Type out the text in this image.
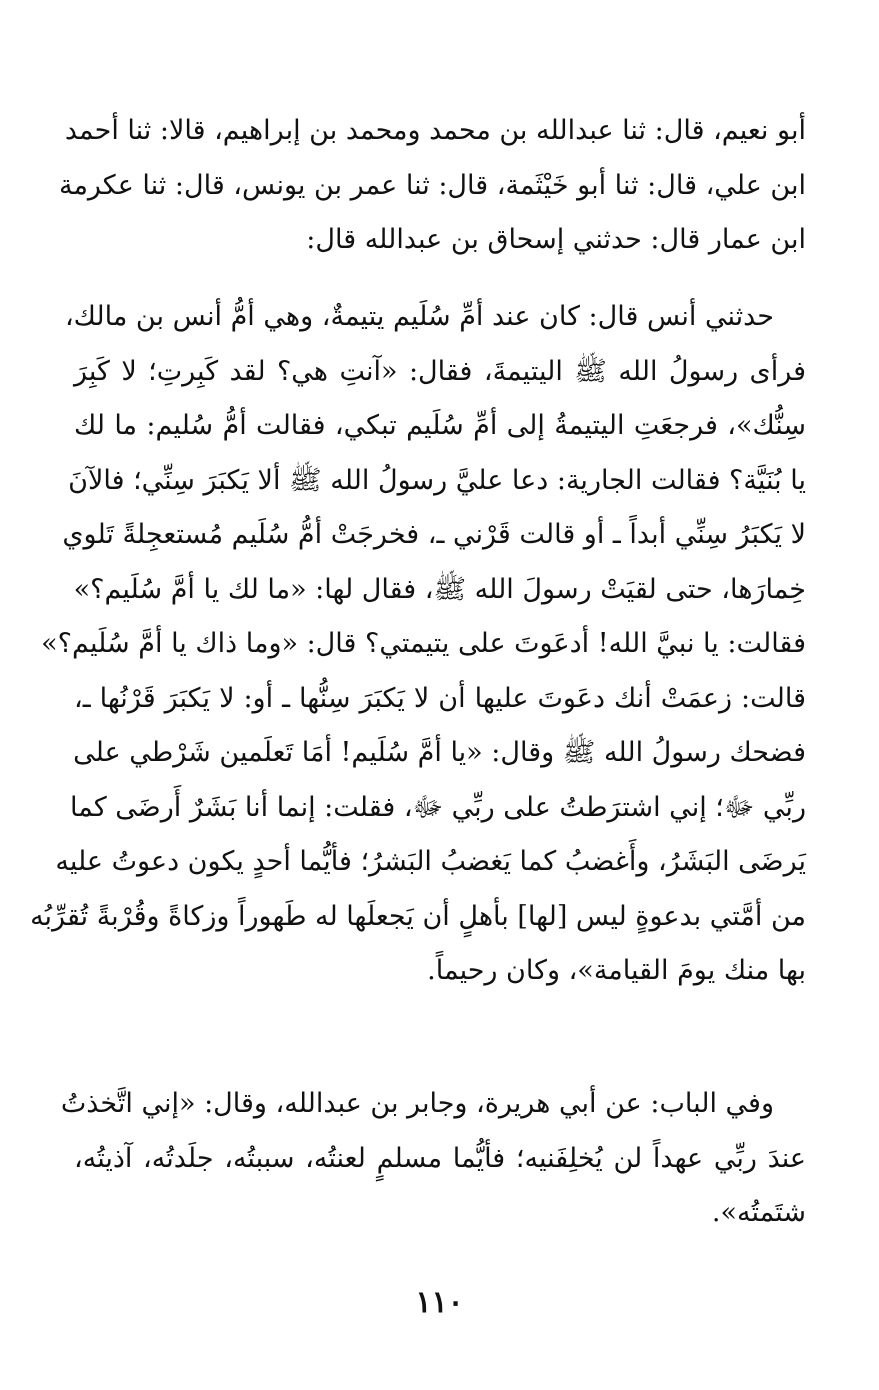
أبو نعيم، قال: ثنا عبدالله بن محمد ومحمد بن إبراهيم، قالا: ثنا أحمد
ابن علي، قال: ثنا أبو خَيْثَمة، قال: ثنا عمر بن يونس، قال: ثنا عكرمة
ابن عمار قال: حدثني إسحاق بن عبدالله قال:
حدثني أنس قال: كان عند أمِّ سُلَيم يتيمةٌ، وهي أمُّ أنس بن مالك،
فرأى رسولُ الله ﷺ اليتيمةَ، فقال: «آنتِ هي؟ لقد كَبِرتِ؛ لا كَبِرَ
سِنُّك»، فرجعَتِ اليتيمةُ إلى أمِّ سُلَيم تبكي، فقالت أمُّ سُليم: ما لك
يا بُنَيَّة؟ فقالت الجارية: دعا عليَّ رسولُ الله ﷺ ألا يَكبَرَ سِنِّي؛ فالآنَ
لا يَكبَرُ سِنِّي أبداً ـ أو قالت قَرْني ـ، فخرجَتْ أمُّ سُلَيم مُستعجِلةً تَلوي
خِمارَها، حتى لقيَتْ رسولَ الله ﷺ، فقال لها: «ما لك يا أمَّ سُلَيم؟»
فقالت: يا نبيَّ الله! أدعَوتَ على يتيمتي؟ قال: «وما ذاك يا أمَّ سُلَيم؟»
قالت: زعمَتْ أنك دعَوتَ عليها أن لا يَكبَرَ سِنُّها ـ أو: لا يَكبَرَ قَرْنُها ـ،
فضحك رسولُ الله ﷺ وقال: «يا أمَّ سُلَيم! أمَا تَعلَمين شَرْطي على
ربِّي ﷻ؛ إني اشترَطتُ على ربِّي ﷻ، فقلت: إنما أنا بَشَرٌ أَرضَى كما
يَرضَى البَشَرُ، وأَغضبُ كما يَغضبُ البَشرُ؛ فأيُّما أحدٍ يكون دعوتُ عليه
من أمَّتي بدعوةٍ ليس [لها] بأهلٍ أن يَجعلَها له طَهوراً وزكاةً وقُرْبةً تُقرِّبُه
بها منك يومَ القيامة»، وكان رحيماً.
وفي الباب: عن أبي هريرة، وجابر بن عبدالله، وقال: «إني اتَّخذتُ
عندَ ربِّي عهداً لن يُخلِفَنيه؛ فأيُّما مسلمٍ لعنتُه، سببتُه، جلَدتُه، آذيتُه،
شتَمتُه».
١١٠
